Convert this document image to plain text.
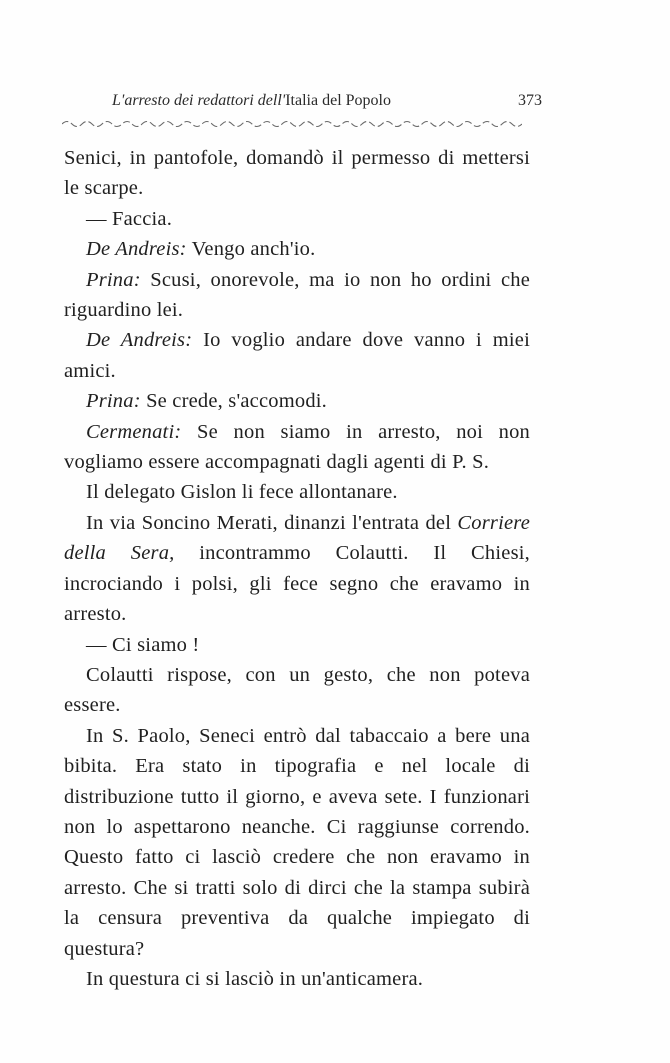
L'arresto dei redattori dell'Italia del Popolo	373

Senici, in pantofole, domandò il permesso di mettersi le scarpe.

— Faccia.

De Andreis: Vengo anch'io.

Prina: Scusi, onorevole, ma io non ho ordini che riguardino lei.

De Andreis: Io voglio andare dove vanno i miei amici.

Prina: Se crede, s'accomodi.

Cermenati: Se non siamo in arresto, noi non vogliamo essere accompagnati dagli agenti di P. S.

Il delegato Gislon li fece allontanare.

In via Soncino Merati, dinanzi l'entrata del Corriere della Sera, incontrammo Colautti. Il Chiesi, incrociando i polsi, gli fece segno che eravamo in arresto.

— Ci siamo !

Colautti rispose, con un gesto, che non poteva essere.

In S. Paolo, Seneci entrò dal tabaccaio a bere una bibita. Era stato in tipografia e nel locale di distribuzione tutto il giorno, e aveva sete. I funzionari non lo aspettarono neanche. Ci raggiunse correndo. Questo fatto ci lasciò credere che non eravamo in arresto. Che si tratti solo di dirci che la stampa subirà la censura preventiva da qualche impiegato di questura?

In questura ci si lasciò in un'anticamera.
